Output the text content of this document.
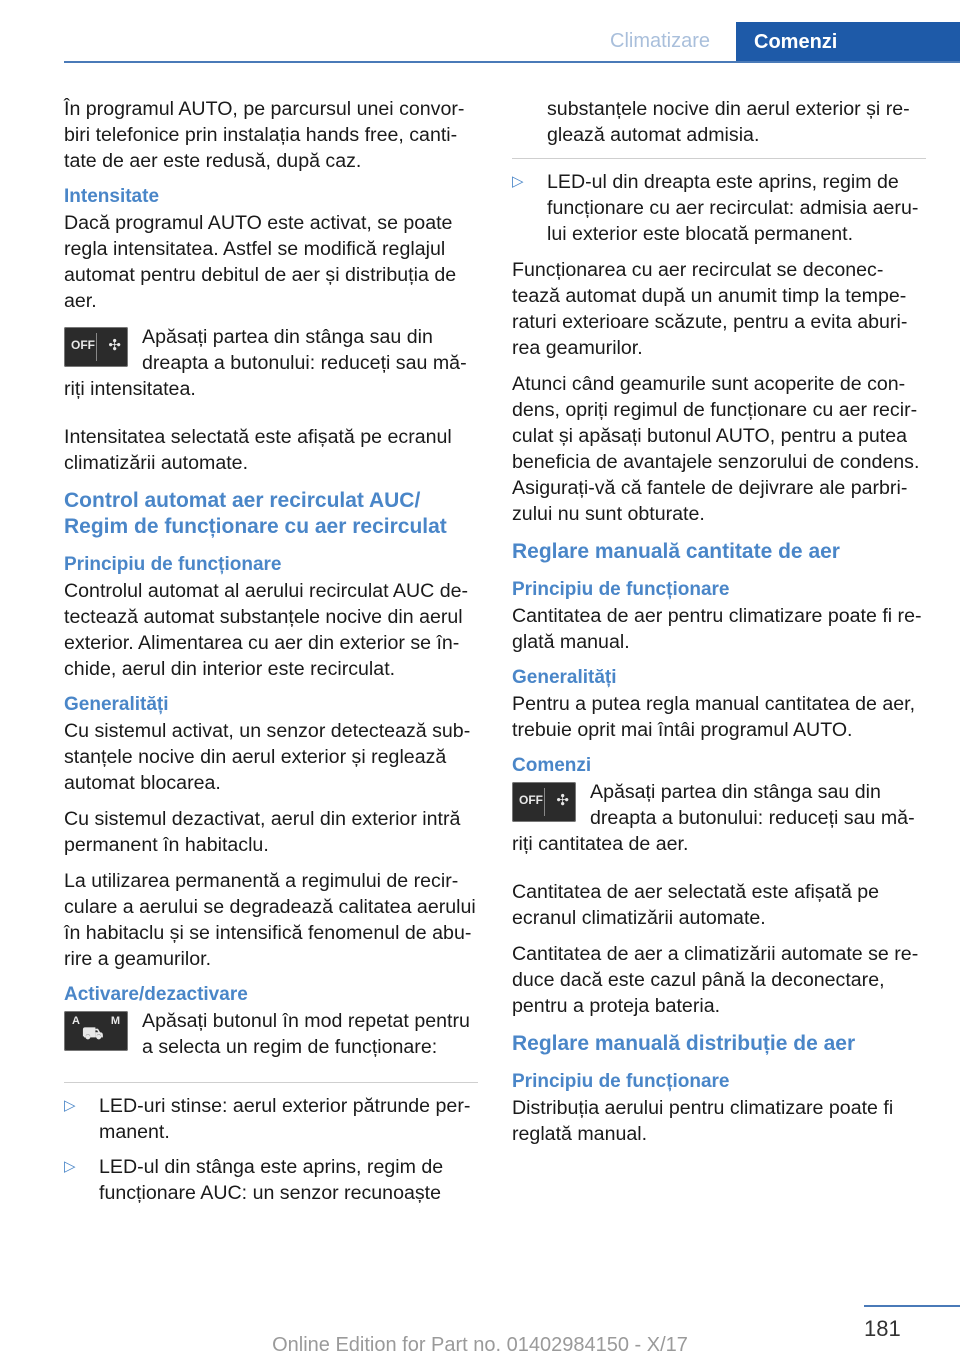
Climatizare	Comenzi

În programul AUTO, pe parcursul unei convor-biri telefonice prin instalația hands free, canti-tate de aer este redusă, după caz.

Intensitate

Dacă programul AUTO este activat, se poate regla intensitatea. Astfel se modifică reglajul automat pentru debitul de aer și distribuția de aer.

OFF ✣ Apăsați partea din stânga sau din dreapta a butonului: reduceți sau mă-riți intensitatea.

Intensitatea selectată este afișată pe ecranul climatizării automate.

Control automat aer recirculat AUC/ Regim de funcționare cu aer recirculat
Principiu de funcționare

Controlul automat al aerului recirculat AUC de-tectează automat substanțele nocive din aerul exterior. Alimentarea cu aer din exterior se în-chide, aerul din interior este recirculat.

Generalități

Cu sistemul activat, un senzor detectează sub-stanțele nocive din aerul exterior și reglează automat blocarea.

Cu sistemul dezactivat, aerul din exterior intră permanent în habitaclu.

La utilizarea permanentă a regimului de recir-culare a aerului se degradează calitatea aerului în habitaclu și se intensifică fenomenul de abu-rire a geamurilor.

Activare/dezactivare
A	M
⛟
Apăsați butonul în mod repetat pentru a selecta un regim de funcționare:
▷ LED-uri stinse: aerul exterior pătrunde per-manent.
▷ LED-ul din stânga este aprins, regim de funcționare AUC: un senzor recunoaște
substanțele nocive din aerul exterior și re-glează automat admisia.
▷ LED-ul din dreapta este aprins, regim de funcționare cu aer recirculat: admisia aeru-lui exterior este blocată permanent.

Funcționarea cu aer recirculat se deconec-tează automat după un anumit timp la tempe-raturi exterioare scăzute, pentru a evita aburi-rea geamurilor.

Atunci când geamurile sunt acoperite de con-dens, opriți regimul de funcționare cu aer recir-culat și apăsați butonul AUTO, pentru a putea beneficia de avantajele senzorului de condens. Asigurați-vă că fantele de dejivrare ale parbri-zului nu sunt obturate.

Reglare manuală cantitate de aer
Principiu de funcționare

Cantitatea de aer pentru climatizare poate fi re-glată manual.

Generalități

Pentru a putea regla manual cantitatea de aer, trebuie oprit mai întâi programul AUTO.

Comenzi
OFF ✣ Apăsați partea din stânga sau din dreapta a butonului: reduceți sau mă-riți cantitatea de aer.

Cantitatea de aer selectată este afișată pe ecranul climatizării automate.

Cantitatea de aer a climatizării automate se re-duce dacă este cazul până la deconectare, pentru a proteja bateria.

Reglare manuală distribuție de aer
Principiu de funcționare

Distribuția aerului pentru climatizare poate fi reglată manual.

181
Online Edition for Part no. 01402984150 - X/17
